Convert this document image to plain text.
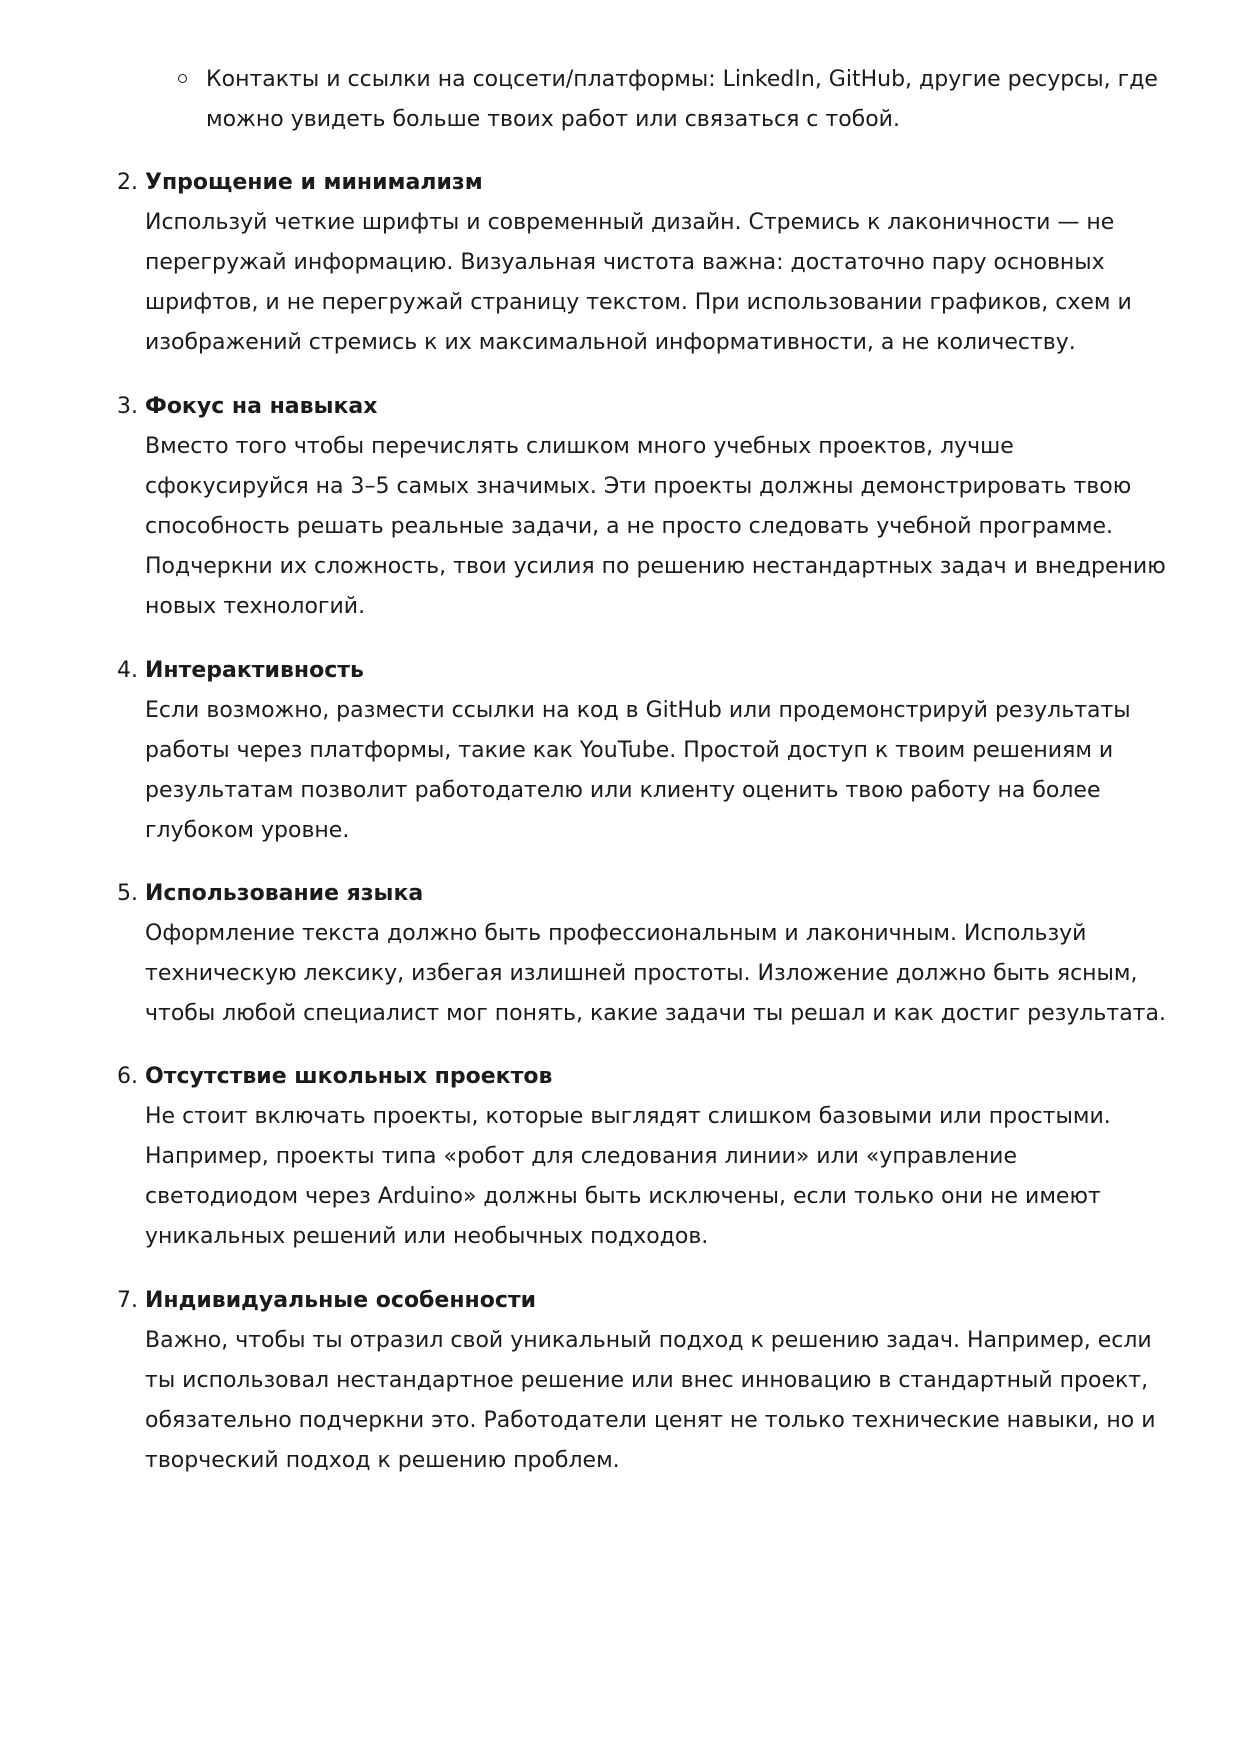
Контакты и ссылки на соцсети/платформы: LinkedIn, GitHub, другие ресурсы, где
можно увидеть больше твоих работ или связаться с тобой.
2. Упрощение и минимализм
Используй четкие шрифты и современный дизайн. Стремись к лаконичности — не
перегружай информацию. Визуальная чистота важна: достаточно пару основных
шрифтов, и не перегружай страницу текстом. При использовании графиков, схем и
изображений стремись к их максимальной информативности, а не количеству.
3. Фокус на навыках
Вместо того чтобы перечислять слишком много учебных проектов, лучше
сфокусируйся на 3–5 самых значимых. Эти проекты должны демонстрировать твою
способность решать реальные задачи, а не просто следовать учебной программе.
Подчеркни их сложность, твои усилия по решению нестандартных задач и внедрению
новых технологий.
4. Интерактивность
Если возможно, размести ссылки на код в GitHub или продемонстрируй результаты
работы через платформы, такие как YouTube. Простой доступ к твоим решениям и
результатам позволит работодателю или клиенту оценить твою работу на более
глубоком уровне.
5. Использование языка
Оформление текста должно быть профессиональным и лаконичным. Используй
техническую лексику, избегая излишней простоты. Изложение должно быть ясным,
чтобы любой специалист мог понять, какие задачи ты решал и как достиг результата.
6. Отсутствие школьных проектов
Не стоит включать проекты, которые выглядят слишком базовыми или простыми.
Например, проекты типа «робот для следования линии» или «управление
светодиодом через Arduino» должны быть исключены, если только они не имеют
уникальных решений или необычных подходов.
7. Индивидуальные особенности
Важно, чтобы ты отразил свой уникальный подход к решению задач. Например, если
ты использовал нестандартное решение или внес инновацию в стандартный проект,
обязательно подчеркни это. Работодатели ценят не только технические навыки, но и
творческий подход к решению проблем.
